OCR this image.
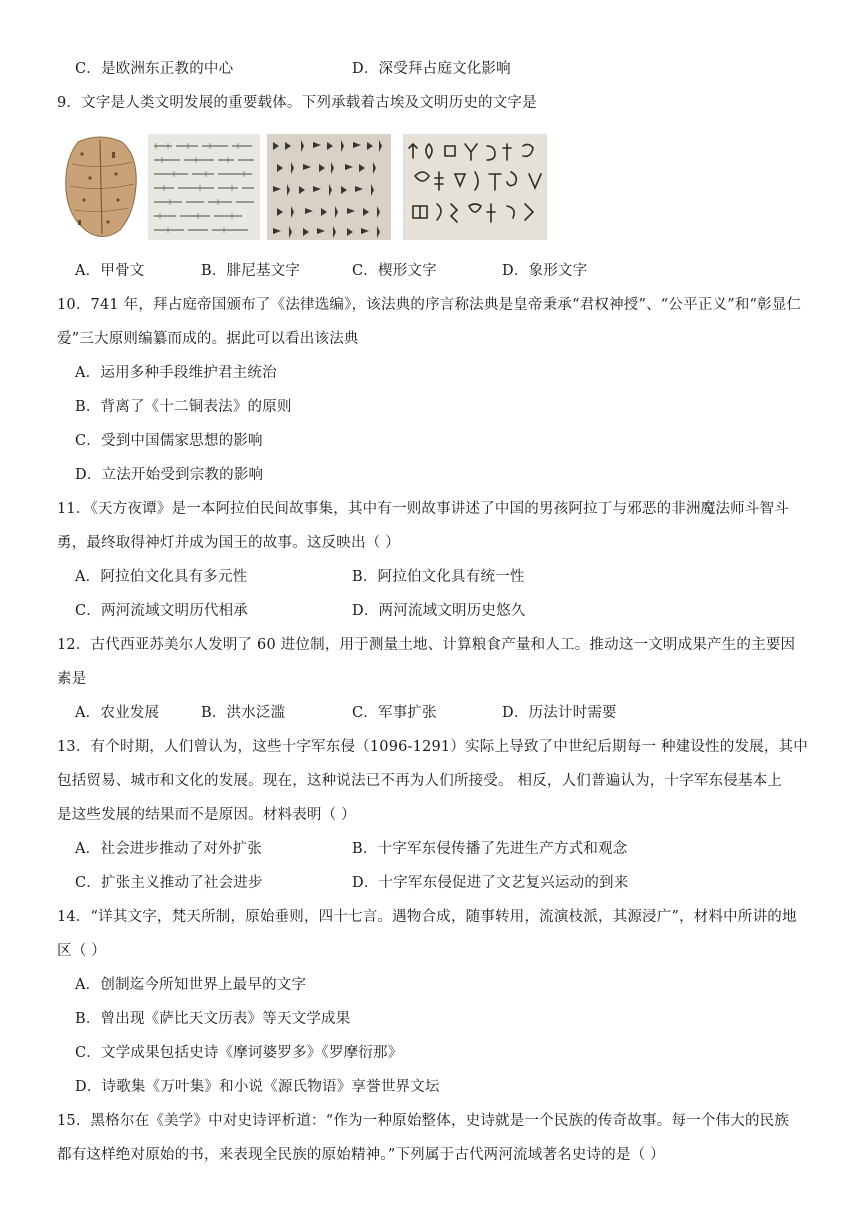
C．是欧洲东正教的中心	D．深受拜占庭文化影响
9．文字是人类文明发展的重要载体。下列承载着古埃及文明历史的文字是
A．甲骨文	B．腓尼基文字	C．楔形文字	D．象形文字
10．741 年，拜占庭帝国颁布了《法律选编》，该法典的序言称法典是皇帝秉承“君权神授”、“公平正义”和“彰显仁
爱”三大原则编纂而成的。据此可以看出该法典
A．运用多种手段维护君主统治
B．背离了《十二铜表法》的原则
C．受到中国儒家思想的影响
D．立法开始受到宗教的影响
11．《天方夜谭》是一本阿拉伯民间故事集，其中有一则故事讲述了中国的男孩阿拉丁与邪恶的非洲魔法师斗智斗
勇，最终取得神灯并成为国王的故事。这反映出（ ）
A．阿拉伯文化具有多元性	B．阿拉伯文化具有统一性
C．两河流域文明历代相承	D．两河流域文明历史悠久
12．古代西亚苏美尔人发明了 60 进位制，用于测量土地、计算粮食产量和人工。推动这一文明成果产生的主要因
素是
A．农业发展	B．洪水泛滥	C．军事扩张	D．历法计时需要
13．有个时期，人们曾认为，这些十字军东侵（1096-1291）实际上导致了中世纪后期每一 种建设性的发展，其中
包括贸易、城市和文化的发展。现在，这种说法已不再为人们所接受。 相反，人们普遍认为，十字军东侵基本上
是这些发展的结果而不是原因。材料表明（ ）
A．社会进步推动了对外扩张	B．十字军东侵传播了先进生产方式和观念
C．扩张主义推动了社会进步	D．十字军东侵促进了文艺复兴运动的到来
14．“详其文字，梵天所制，原始垂则，四十七言。遇物合成，随事转用，流演枝派，其源浸广”，材料中所讲的地
区（ ）
A．创制迄今所知世界上最早的文字
B．曾出现《萨比天文历表》等天文学成果
C．文学成果包括史诗《摩诃婆罗多》《罗摩衍那》
D．诗歌集《万叶集》和小说《源氏物语》享誉世界文坛
15．黑格尔在《美学》中对史诗评析道：“作为一种原始整体，史诗就是一个民族的传奇故事。每一个伟大的民族
都有这样绝对原始的书，来表现全民族的原始精神。”下列属于古代两河流域著名史诗的是（ ）
